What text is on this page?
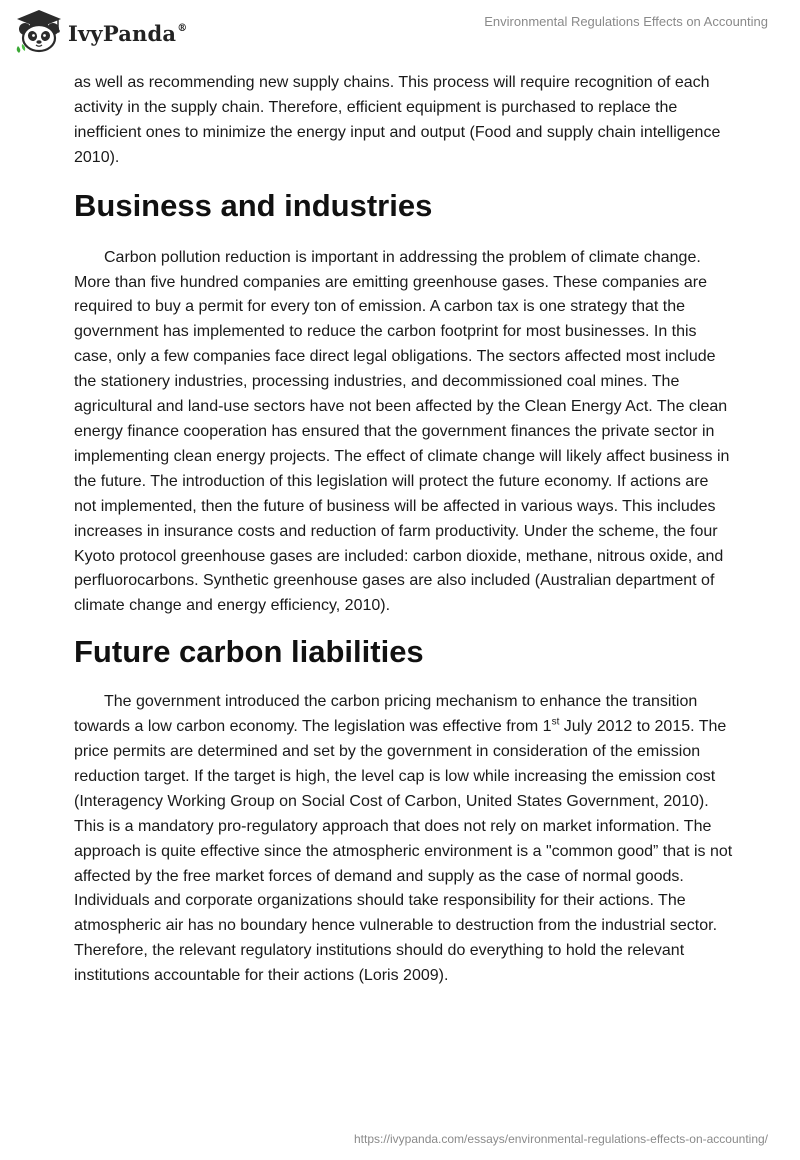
IvyPanda®	Environmental Regulations Effects on Accounting

as well as recommending new supply chains. This process will require recognition of each activity in the supply chain. Therefore, efficient equipment is purchased to replace the inefficient ones to minimize the energy input and output (Food and supply chain intelligence 2010).

Business and industries

Carbon pollution reduction is important in addressing the problem of climate change. More than five hundred companies are emitting greenhouse gases. These companies are required to buy a permit for every ton of emission. A carbon tax is one strategy that the government has implemented to reduce the carbon footprint for most businesses. In this case, only a few companies face direct legal obligations. The sectors affected most include the stationery industries, processing industries, and decommissioned coal mines. The agricultural and land-use sectors have not been affected by the Clean Energy Act. The clean energy finance cooperation has ensured that the government finances the private sector in implementing clean energy projects. The effect of climate change will likely affect business in the future. The introduction of this legislation will protect the future economy. If actions are not implemented, then the future of business will be affected in various ways. This includes increases in insurance costs and reduction of farm productivity. Under the scheme, the four Kyoto protocol greenhouse gases are included: carbon dioxide, methane, nitrous oxide, and perfluorocarbons. Synthetic greenhouse gases are also included (Australian department of climate change and energy efficiency, 2010).

Future carbon liabilities

The government introduced the carbon pricing mechanism to enhance the transition towards a low carbon economy. The legislation was effective from 1st July 2012 to 2015. The price permits are determined and set by the government in consideration of the emission reduction target. If the target is high, the level cap is low while increasing the emission cost (Interagency Working Group on Social Cost of Carbon, United States Government, 2010). This is a mandatory pro-regulatory approach that does not rely on market information. The approach is quite effective since the atmospheric environment is a "common good” that is not affected by the free market forces of demand and supply as the case of normal goods. Individuals and corporate organizations should take responsibility for their actions. The atmospheric air has no boundary hence vulnerable to destruction from the industrial sector. Therefore, the relevant regulatory institutions should do everything to hold the relevant institutions accountable for their actions (Loris 2009).

https://ivypanda.com/essays/environmental-regulations-effects-on-accounting/
